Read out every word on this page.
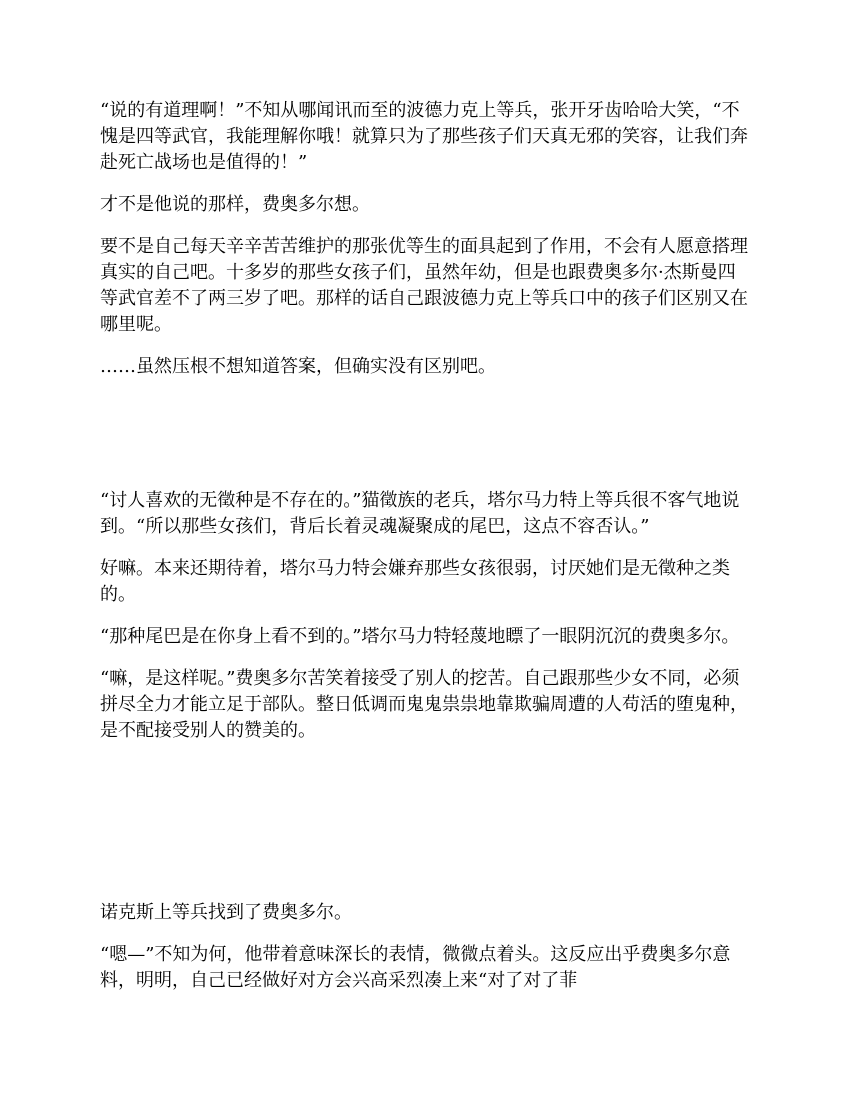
“说的有道理啊！”不知从哪闻讯而至的波德力克上等兵，张开牙齿哈哈大笑，“不愧是四等武官，我能理解你哦！就算只为了那些孩子们天真无邪的笑容，让我们奔赴死亡战场也是值得的！”

才不是他说的那样，费奥多尔想。

要不是自己每天辛辛苦苦维护的那张优等生的面具起到了作用，不会有人愿意搭理真实的自己吧。十多岁的那些女孩子们，虽然年幼，但是也跟费奥多尔·杰斯曼四等武官差不了两三岁了吧。那样的话自己跟波德力克上等兵口中的孩子们区别又在哪里呢。

……虽然压根不想知道答案，但确实没有区别吧。

“讨人喜欢的无徵种是不存在的。”猫徵族的老兵，塔尔马力特上等兵很不客气地说到。“所以那些女孩们，背后长着灵魂凝聚成的尾巴，这点不容否认。”

好嘛。本来还期待着，塔尔马力特会嫌弃那些女孩很弱，讨厌她们是无徵种之类的。

“那种尾巴是在你身上看不到的。”塔尔马力特轻蔑地瞟了一眼阴沉沉的费奥多尔。

“嘛，是这样呢。”费奥多尔苦笑着接受了别人的挖苦。自己跟那些少女不同，必须拼尽全力才能立足于部队。整日低调而鬼鬼祟祟地靠欺骗周遭的人苟活的堕鬼种，是不配接受别人的赞美的。

诺克斯上等兵找到了费奥多尔。

“嗯—”不知为何，他带着意味深长的表情，微微点着头。这反应出乎费奥多尔意料，明明，自己已经做好对方会兴高采烈凑上来“对了对了菲
